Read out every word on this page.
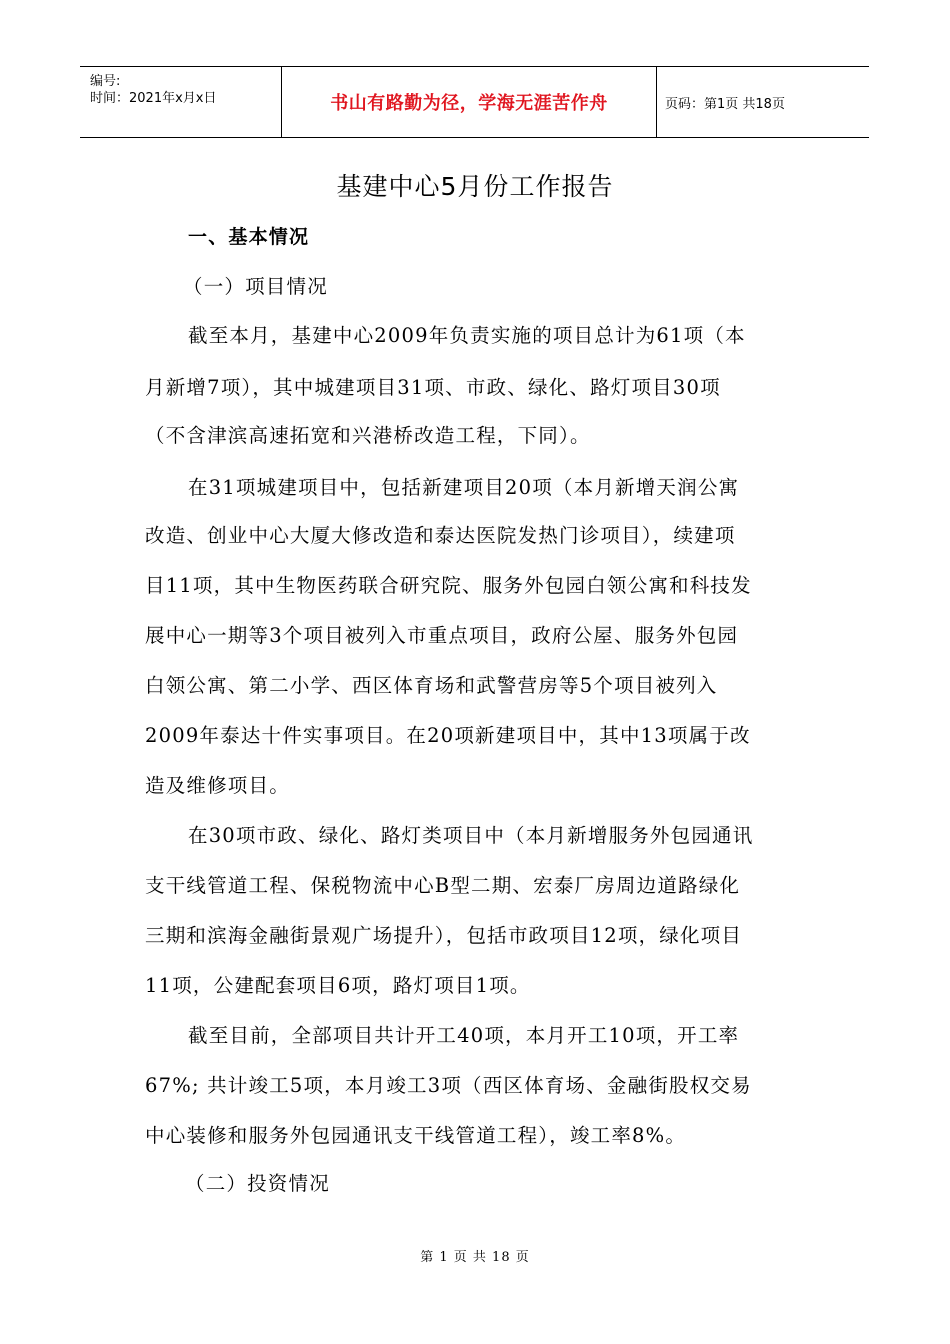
编号:
时间：2021年x月x日	书山有路勤为径，学海无涯苦作舟	页码：第1页 共18页
基建中心5月份工作报告
一、基本情况
（一）项目情况
截至本月，基建中心2009年负责实施的项目总计为61项（本
月新增7项），其中城建项目31项、市政、绿化、路灯项目30项
（不含津滨高速拓宽和兴港桥改造工程，下同）。
在31项城建项目中，包括新建项目20项（本月新增天润公寓
改造、创业中心大厦大修改造和泰达医院发热门诊项目），续建项
目11项，其中生物医药联合研究院、服务外包园白领公寓和科技发
展中心一期等3个项目被列入市重点项目，政府公屋、服务外包园
白领公寓、第二小学、西区体育场和武警营房等5个项目被列入
2009年泰达十件实事项目。在20项新建项目中，其中13项属于改
造及维修项目。
在30项市政、绿化、路灯类项目中（本月新增服务外包园通讯
支干线管道工程、保税物流中心B型二期、宏泰厂房周边道路绿化
三期和滨海金融街景观广场提升），包括市政项目12项，绿化项目
11项，公建配套项目6项，路灯项目1项。
截至目前，全部项目共计开工40项，本月开工10项，开工率
67%; 共计竣工5项，本月竣工3项（西区体育场、金融街股权交易
中心装修和服务外包园通讯支干线管道工程），竣工率8%。
（二）投资情况
第 1 页 共 18 页
